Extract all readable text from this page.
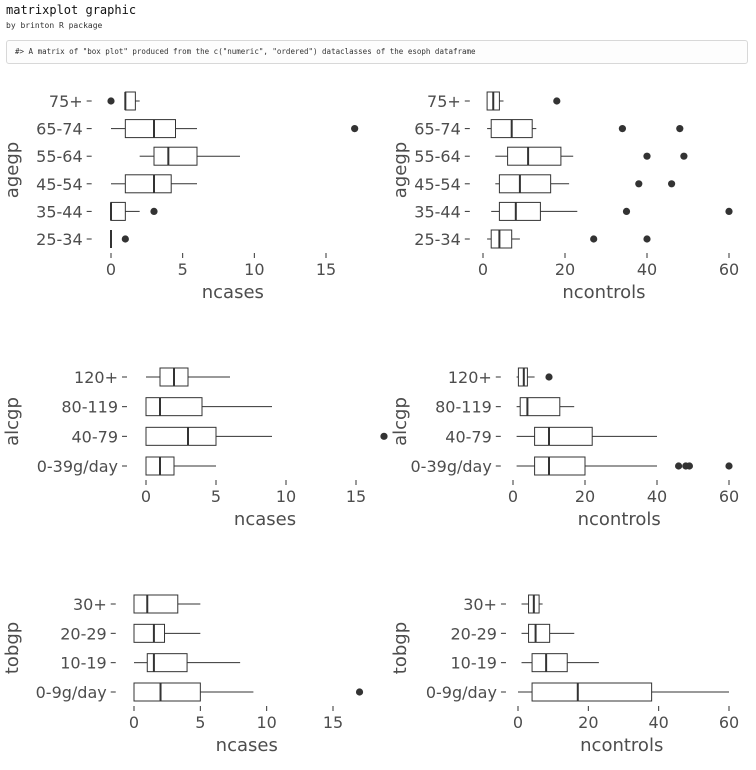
matrixplot graphic
by brinton R package
#> A matrix of "box plot" produced from the c("numeric", "ordered") dataclasses of the esoph dataframe
75+
65-74
55-64
45-54
35-44
25-34
agegp
0	5	10	15
ncases
75+
65-74
55-64
45-54
35-44
25-34
agegp
0	20	40	60
ncontrols
120+
80-119
40-79
0-39g/day
alcgp
0	5	10	15
ncases
120+
80-119
40-79
0-39g/day
alcgp
0	20	40	60
ncontrols
30+
20-29
10-19
0-9g/day
tobgp
0	5	10	15
ncases
30+
20-29
10-19
0-9g/day
tobgp
0	20	40	60
ncontrols
